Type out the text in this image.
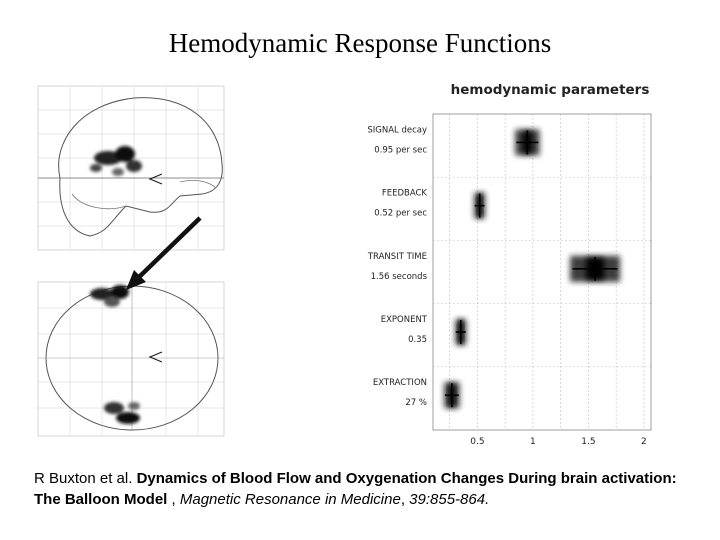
Hemodynamic Response Functions
hemodynamic parameters
SIGNAL decay
0.95 per sec
FEEDBACK
0.52 per sec
TRANSIT TIME
1.56 seconds
EXPONENT
0.35
EXTRACTION
27 %
0.5	1	1.5	2
R Buxton et al. Dynamics of Blood Flow and Oxygenation Changes During brain activation: The Balloon Model , Magnetic Resonance in Medicine, 39:855-864.
